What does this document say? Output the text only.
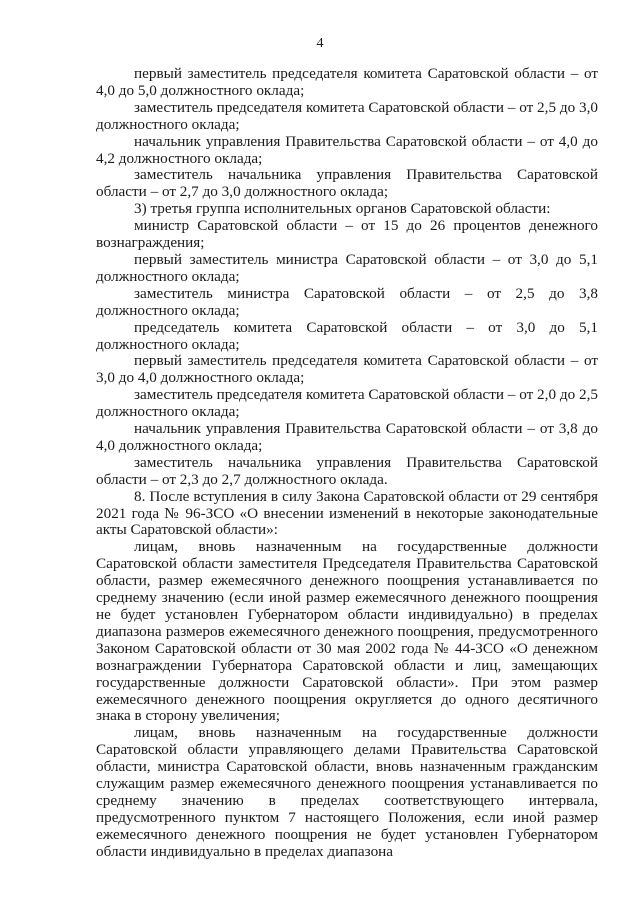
4

первый заместитель председателя комитета Саратовской области – от 4,0 до 5,0 должностного оклада;

заместитель председателя комитета Саратовской области – от 2,5 до 3,0 должностного оклада;

начальник управления Правительства Саратовской области – от 4,0 до 4,2 должностного оклада;

заместитель начальника управления Правительства Саратовской области – от 2,7 до 3,0 должностного оклада;

3) третья группа исполнительных органов Саратовской области:

министр Саратовской области – от 15 до 26 процентов денежного вознаграждения;

первый заместитель министра Саратовской области – от 3,0 до 5,1 должностного оклада;

заместитель министра Саратовской области – от 2,5 до 3,8 должностного оклада;

председатель комитета Саратовской области – от 3,0 до 5,1 должностного оклада;

первый заместитель председателя комитета Саратовской области – от 3,0 до 4,0 должностного оклада;

заместитель председателя комитета Саратовской области – от 2,0 до 2,5 должностного оклада;

начальник управления Правительства Саратовской области – от 3,8 до 4,0 должностного оклада;

заместитель начальника управления Правительства Саратовской области – от 2,3 до 2,7 должностного оклада.

8. После вступления в силу Закона Саратовской области от 29 сентября 2021 года № 96-ЗСО «О внесении изменений в некоторые законодательные акты Саратовской области»:

лицам, вновь назначенным на государственные должности Саратовской области заместителя Председателя Правительства Саратовской области, размер ежемесячного денежного поощрения устанавливается по среднему значению (если иной размер ежемесячного денежного поощрения не будет установлен Губернатором области индивидуально) в пределах диапазона размеров ежемесячного денежного поощрения, предусмотренного Законом Саратовской области от 30 мая 2002 года № 44-ЗСО «О денежном вознаграждении Губернатора Саратовской области и лиц, замещающих государственные должности Саратовской области». При этом размер ежемесячного денежного поощрения округляется до одного десятичного знака в сторону увеличения;

лицам, вновь назначенным на государственные должности Саратовской области управляющего делами Правительства Саратовской области, министра Саратовской области, вновь назначенным гражданским служащим размер ежемесячного денежного поощрения устанавливается по среднему значению в пределах соответствующего интервала, предусмотренного пунктом 7 настоящего Положения, если иной размер ежемесячного денежного поощрения не будет установлен Губернатором области индивидуально в пределах диапазона
